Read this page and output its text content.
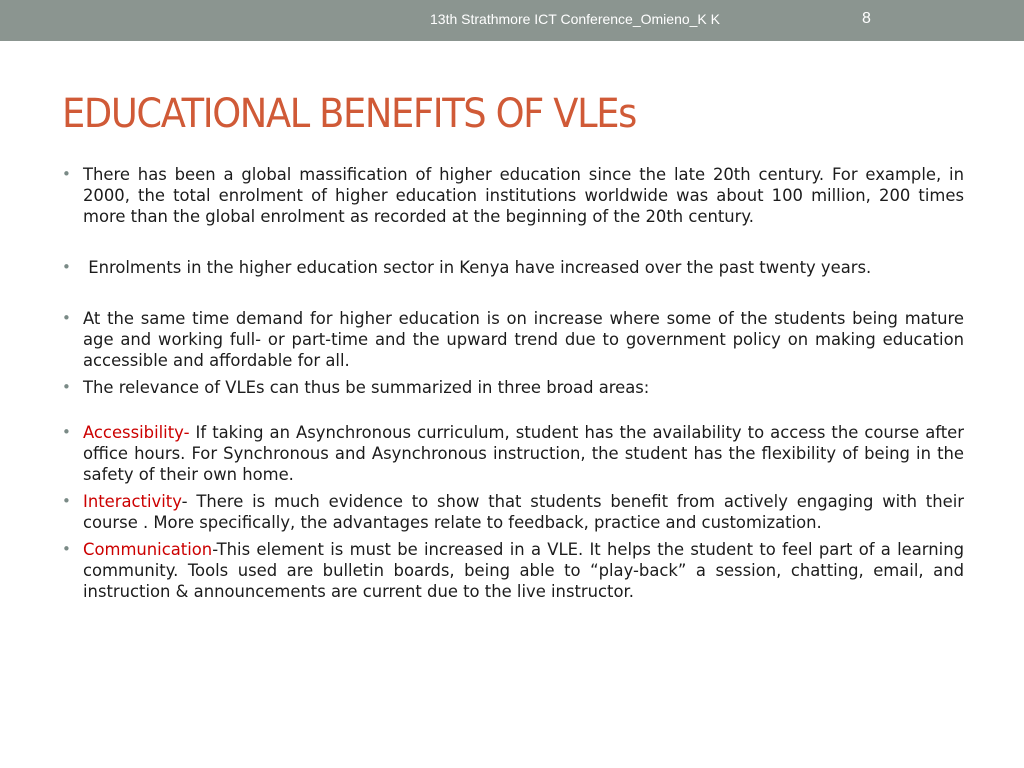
13th Strathmore ICT Conference_Omieno_K K	8
EDUCATIONAL BENEFITS OF VLEs
• There has been a global massification of higher education since the late 20th century. For example, in 2000, the total enrolment of higher education institutions worldwide was about 100 million, 200 times more than the global enrolment as recorded at the beginning of the 20th century.
• Enrolments in the higher education sector in Kenya have increased over the past twenty years.
• At the same time demand for higher education is on increase where some of the students being mature age and working full- or part-time and the upward trend due to government policy on making education accessible and affordable for all.
• The relevance of VLEs can thus be summarized in three broad areas:
• Accessibility- If taking an Asynchronous curriculum, student has the availability to access the course after office hours. For Synchronous and Asynchronous instruction, the student has the flexibility of being in the safety of their own home.
• Interactivity- There is much evidence to show that students benefit from actively engaging with their course . More specifically, the advantages relate to feedback, practice and customization.
• Communication-This element is must be increased in a VLE. It helps the student to feel part of a learning community. Tools used are bulletin boards, being able to “play-back” a session, chatting, email, and instruction & announcements are current due to the live instructor.
